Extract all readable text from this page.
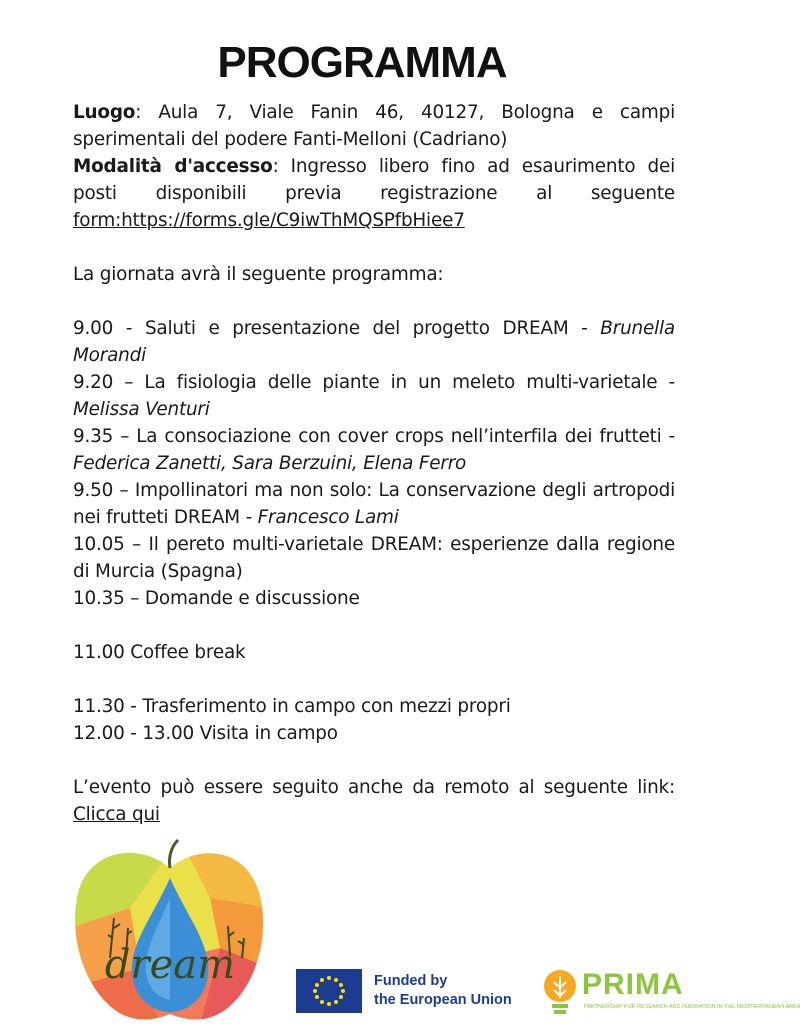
PROGRAMMA

Luogo: Aula 7, Viale Fanin 46, 40127, Bologna e campi sperimentali del podere Fanti-Melloni (Cadriano)

Modalità d'accesso: Ingresso libero fino ad esaurimento dei posti disponibili previa registrazione al seguente

form:https://forms.gle/C9iwThMQSPfbHiee7

La giornata avrà il seguente programma:

9.00 - Saluti e presentazione del progetto DREAM - Brunella Morandi

9.20 – La fisiologia delle piante in un meleto multi-varietale - Melissa Venturi

9.35 – La consociazione con cover crops nell’interfila dei frutteti - Federica Zanetti, Sara Berzuini, Elena Ferro

9.50 – Impollinatori ma non solo: La conservazione degli artropodi nei frutteti DREAM - Francesco Lami

10.05 – Il pereto multi-varietale DREAM: esperienze dalla regione di Murcia (Spagna)

10.35 – Domande e discussione

11.00 Coffee break

11.30 - Trasferimento in campo con mezzi propri

12.00 - 13.00 Visita in campo

L’evento può essere seguito anche da remoto al seguente link:

Clicca qui

dream	Funded by
the European Union PRIMA
PARTNERSHIP FOR RESEARCH AND INNOVATION IN THE MEDITERRANEAN AREA
